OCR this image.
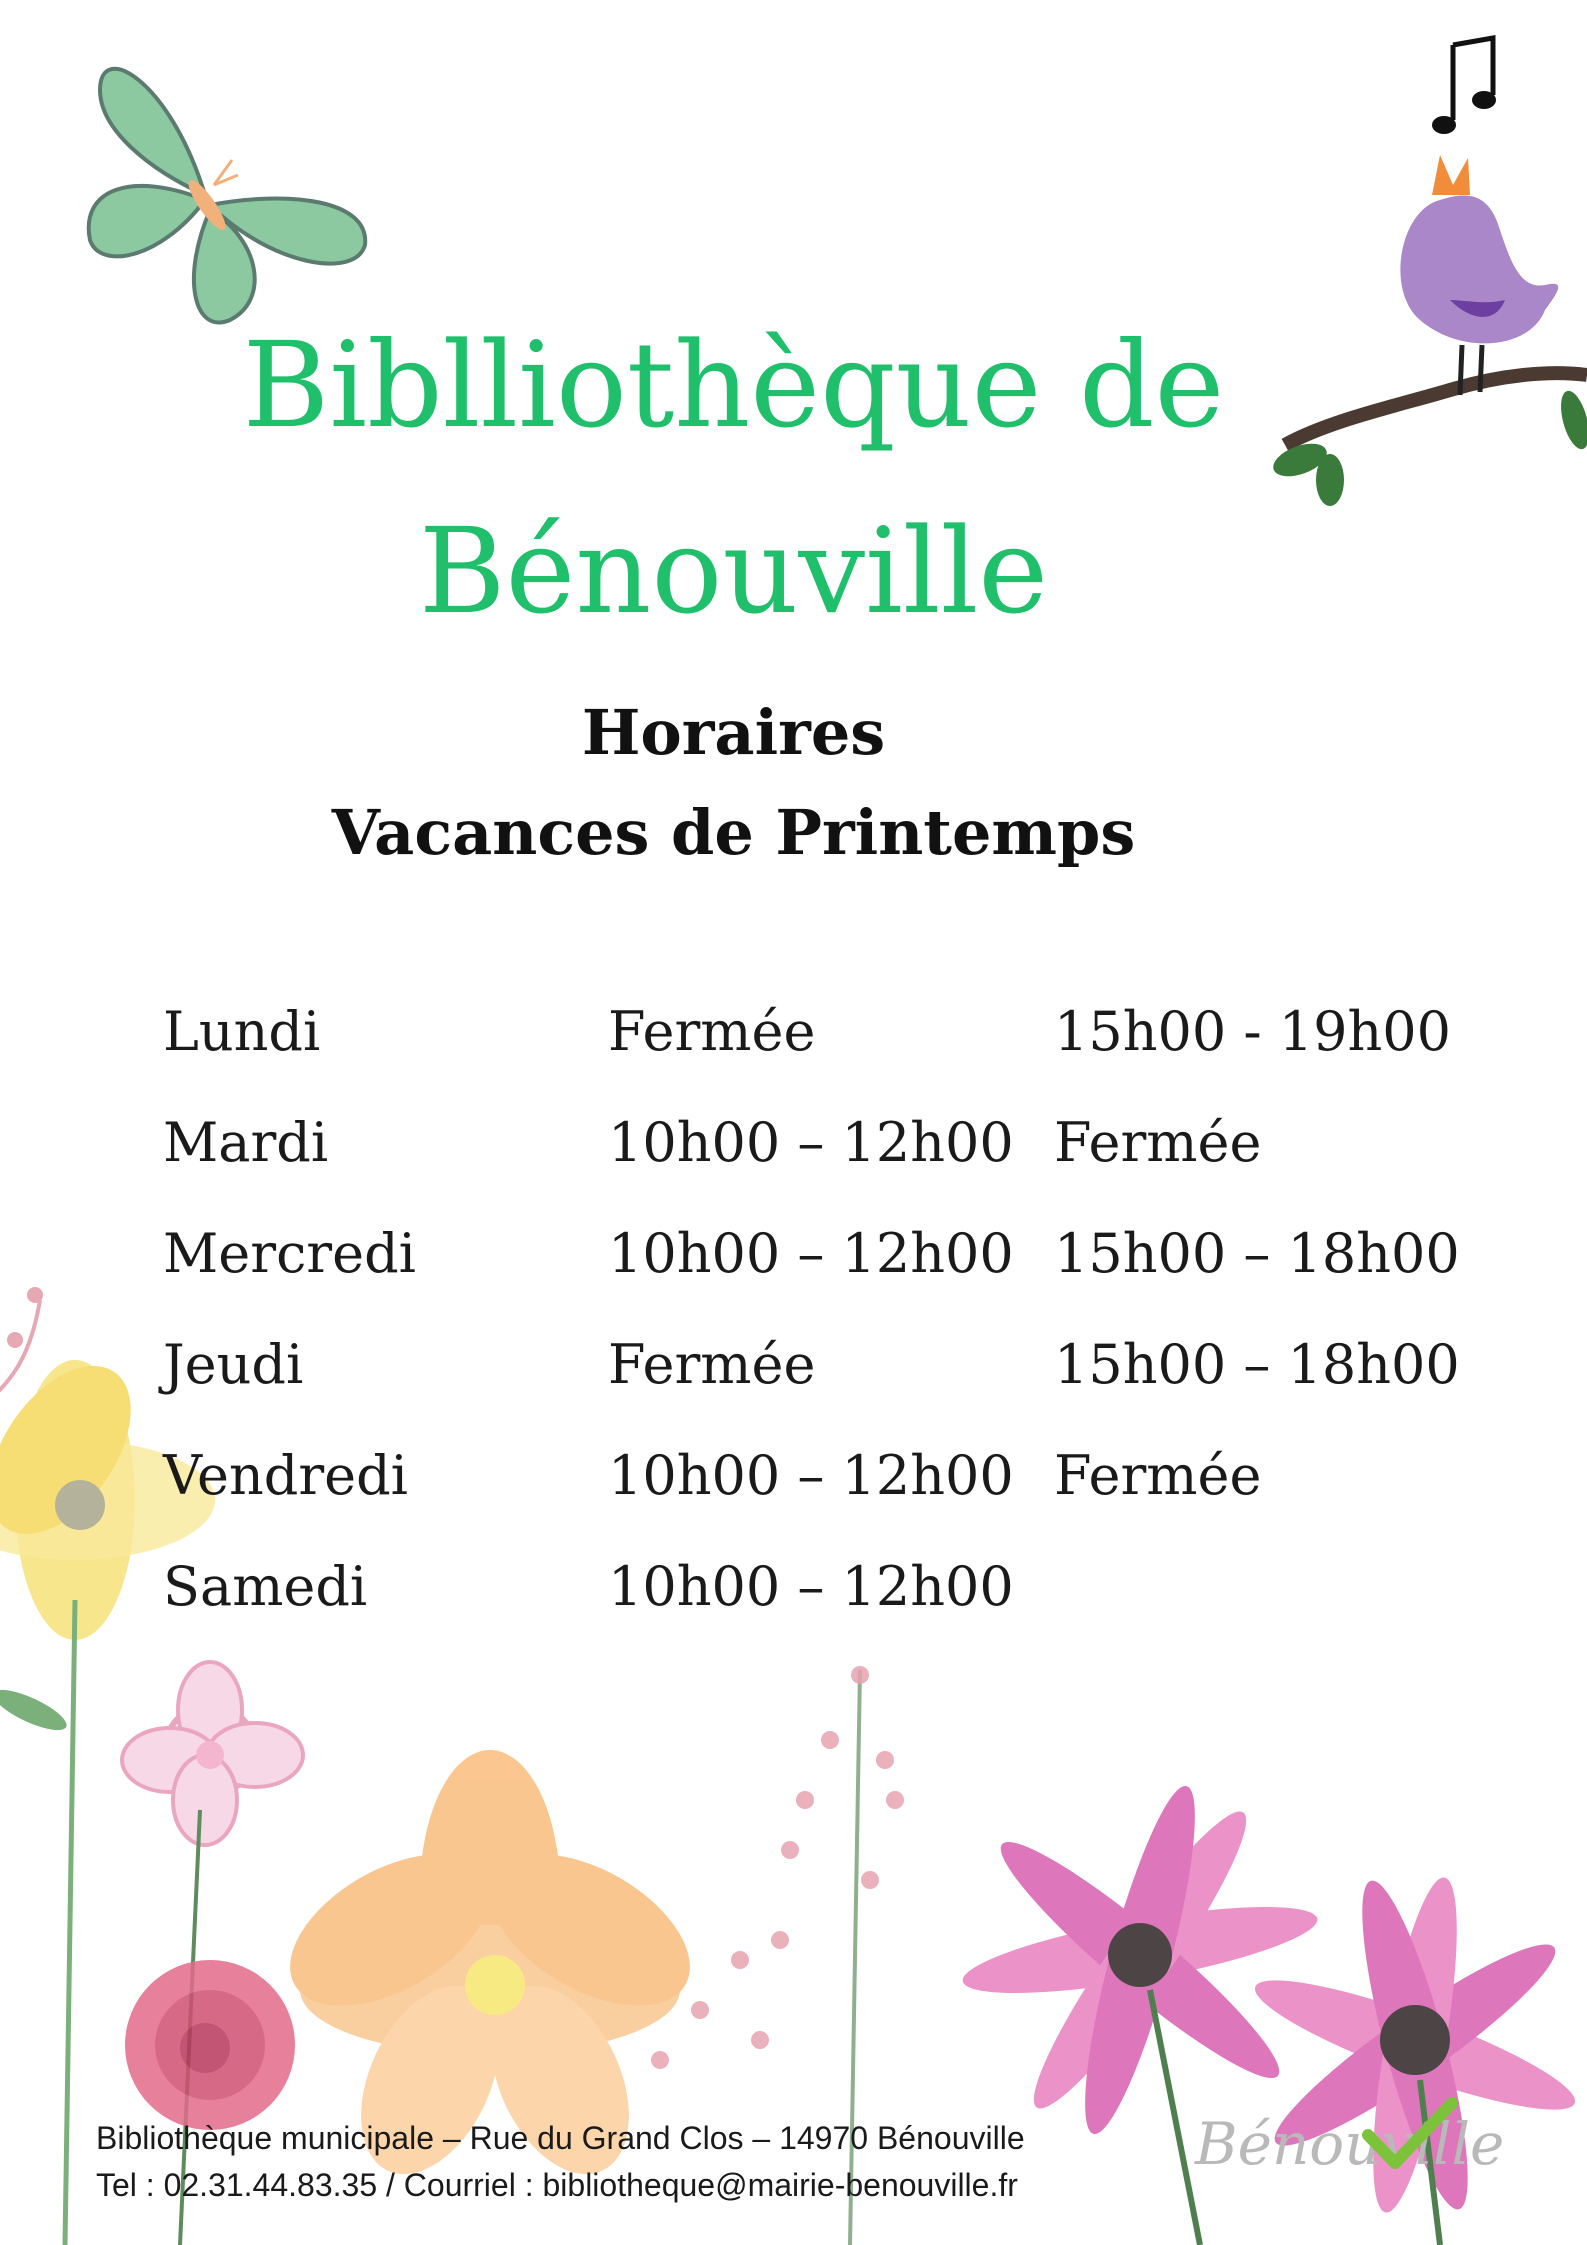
Biblliothèque de
Bénouville
Horaires
Vacances de Printemps
Lundi	Fermée	15h00 - 19h00
Mardi	10h00 – 12h00 Fermée
Mercredi	10h00 – 12h00 15h00 – 18h00
Jeudi	Fermée	15h00 – 18h00
Vendredi	10h00 – 12h00 Fermée
Samedi	10h00 – 12h00
Bibliothèque municipale – Rue du Grand Clos – 14970 Bénouville
Tel : 02.31.44.83.35 / Courriel : bibliotheque@mairie-benouville.fr
Bénouville
